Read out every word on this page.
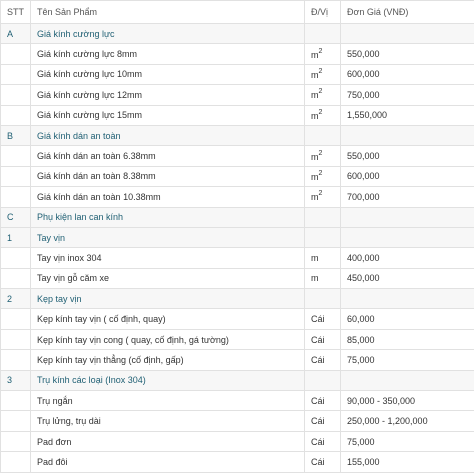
STT	Tên Sản Phẩm	Đ/Vị	Đơn Giá (VNĐ)
A	Giá kính cường lực		
	Giá kính cường lực 8mm	$m^2$	550,000
	Giá kính cường lực 10mm	$m^2$	600,000
	Giá kính cường lực 12mm	$m^2$	750,000
	Giá kính cường lực 15mm	$m^2$	1,550,000
B	Giá kính dán an toàn		
	Giá kính dán an toàn 6.38mm	$m^2$	550,000
	Giá kính dán an toàn 8.38mm	$m^2$	600,000
	Giá kính dán an toàn 10.38mm	$m^2$	700,000
C	Phụ kiện lan can kính		
1	Tay vịn		
	Tay vịn inox 304	m	400,000
	Tay vịn gỗ căm xe	m	450,000
2	Kẹp tay vịn		
	Kẹp kính tay vịn ( cố định, quay)	Cái	60,000
	Kẹp kính tay vịn cong ( quay, cố định, gá tường)	Cái	85,000
	Kẹp kính tay vịn thẳng (cố định, gấp)	Cái	75,000
3	Trụ kính các loại (Inox 304)		
	Trụ ngắn	Cái	90,000 - 350,000
	Trụ lửng, trụ dài	Cái	250,000 - 1,200,000
	Pad đơn	Cái	75,000
	Pad đôi	Cái	155,000
